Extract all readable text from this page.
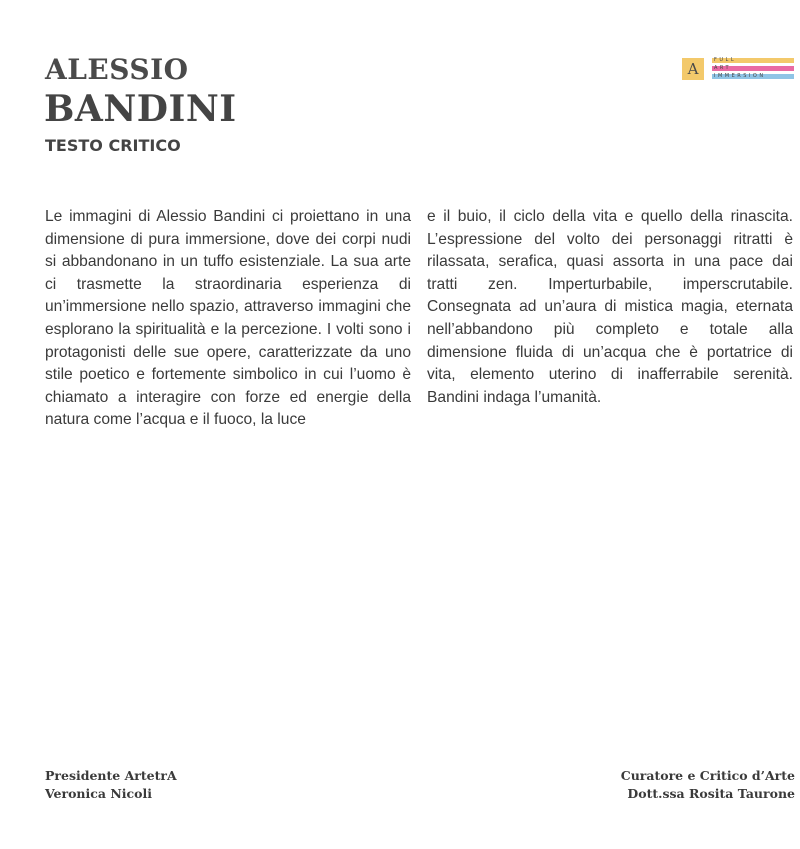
ALESSIO
BANDINI
TESTO CRITICO
A	FULL
ART
IMMERSION

Le immagini di Alessio Bandini ci proiettano in una dimensione di pura immersione, dove dei corpi nudi si abbandonano in un tuffo esistenziale. La sua arte ci trasmette la straordinaria esperienza di un’immersione nello spazio, attraverso immagini che esplorano la spiritualità e la percezione. I volti sono i protagonisti delle sue opere, caratterizzate da uno stile poetico e fortemente simbolico in cui l’uomo è chiamato a interagire con forze ed energie della natura come l’acqua e il fuoco, la luce

e il buio, il ciclo della vita e quello della rinascita. L’espressione del volto dei personaggi ritratti è rilassata, serafica, quasi assorta in una pace dai tratti zen. Imperturbabile, imperscrutabile. Consegnata ad un’aura di mistica magia, eternata nell’abbandono più completo e totale alla dimensione fluida di un’acqua che è portatrice di vita, elemento uterino di inafferrabile serenità. Bandini indaga l’umanità.

Presidente ArtetrA
Veronica Nicoli
Curatore e Critico d’Arte
Dott.ssa Rosita Taurone
